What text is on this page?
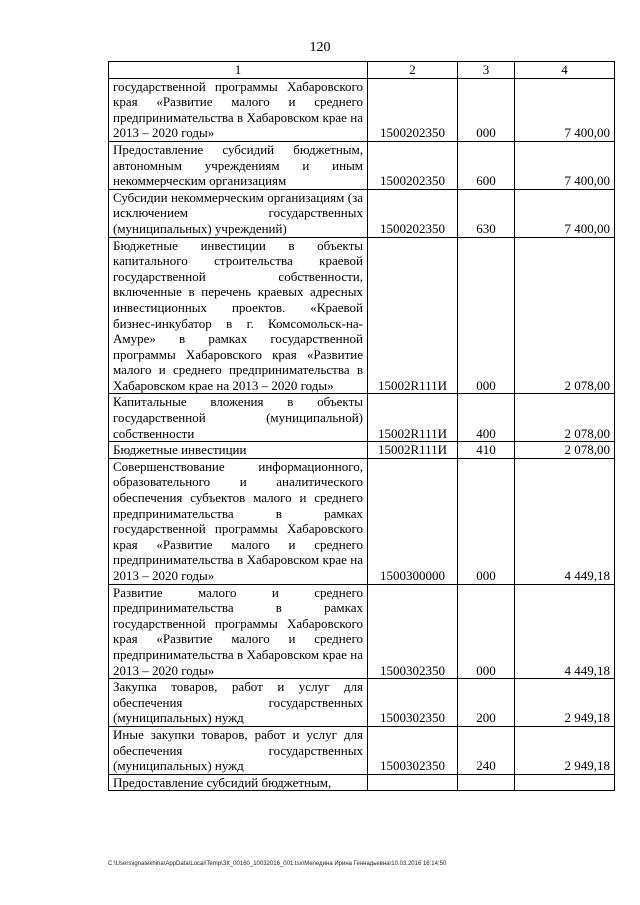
120
1	2	3	4
государственной программы Хабаровского края «Развитие малого и среднего предпринимательства в Хабаровском крае на 2013 – 2020 годы»	1500202350	000	7 400,00
Предоставление субсидий бюджетным, автономным учреждениям и иным некоммерческим организациям	1500202350	600	7 400,00
Субсидии некоммерческим организациям (за исключением государственных (муниципальных) учреждений)	1500202350	630	7 400,00
Бюджетные инвестиции в объекты капитального строительства краевой государственной собственности, включенные в перечень краевых адресных инвестиционных проектов. «Краевой бизнес-инкубатор в г. Комсомольск-на-Амуре» в рамках государственной программы Хабаровского края «Развитие малого и среднего предпринимательства в Хабаровском крае на 2013 – 2020 годы»	15002R111И	000	2 078,00
Капитальные вложения в объекты государственной (муниципальной) собственности	15002R111И	400	2 078,00
Бюджетные инвестиции	15002R111И	410	2 078,00
Совершенствование информационного, образовательного и аналитического обеспечения субъектов малого и среднего предпринимательства в рамках государственной программы Хабаровского края «Развитие малого и среднего предпринимательства в Хабаровском крае на 2013 – 2020 годы»	1500300000	000	4 449,18
Развитие малого и среднего предпринимательства в рамках государственной программы Хабаровского края «Развитие малого и среднего предпринимательства в Хабаровском крае на 2013 – 2020 годы»	1500302350	000	4 449,18
Закупка товаров, работ и услуг для обеспечения государственных (муниципальных) нужд	1500302350	200	2 949,18
Иные закупки товаров, работ и услуг для обеспечения государственных (муниципальных) нужд	1500302350	240	2 949,18
Предоставление субсидий бюджетным,			
C:\Users\ignatekhina\AppData\Local\Temp\ЗК_00160_10032016_001.tsx\Меледина Ирина Геннадьевна\10.03.2016 16:14:50
